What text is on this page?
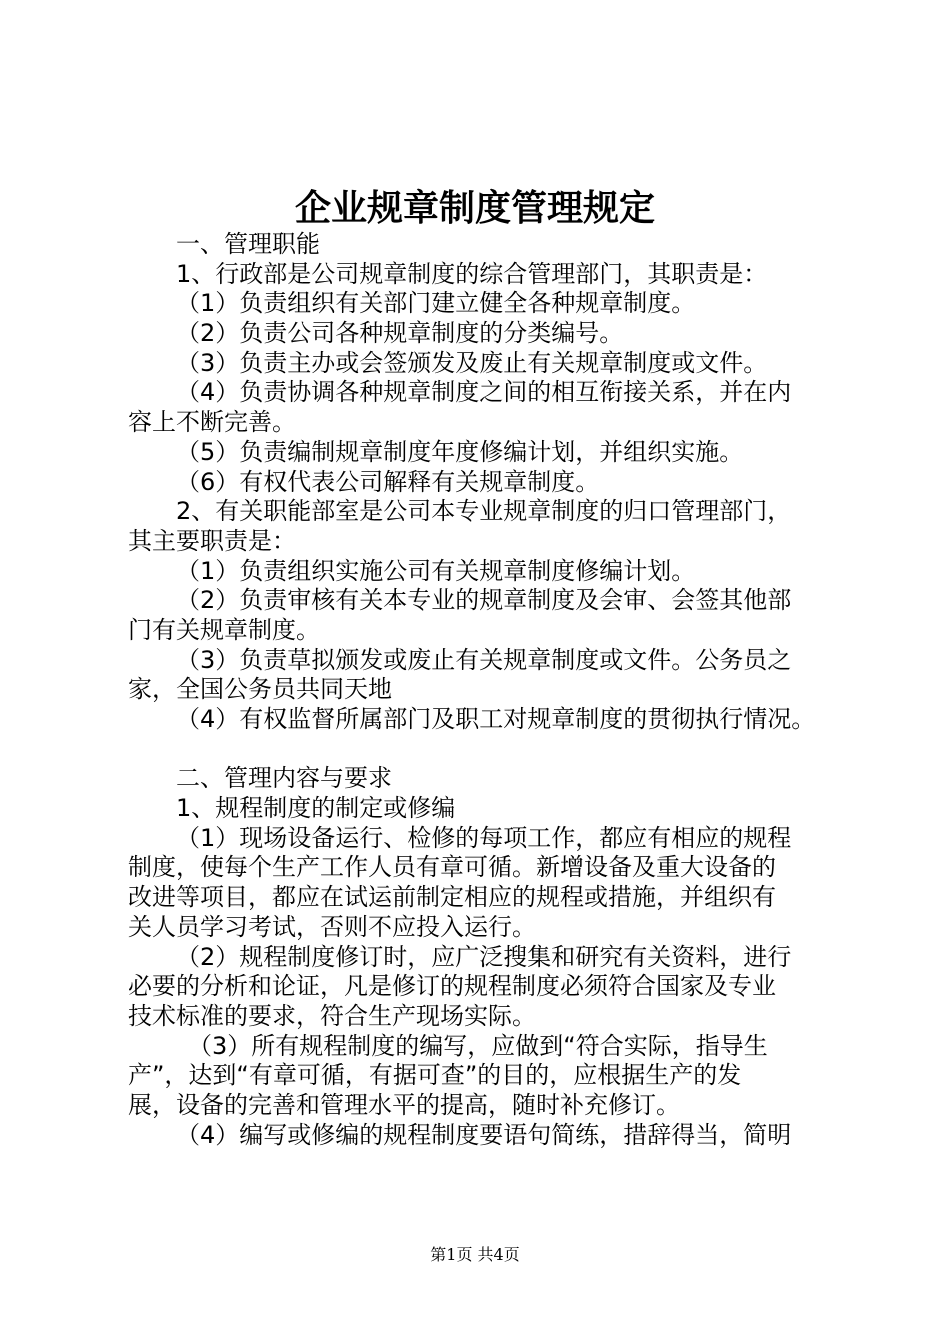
企业规章制度管理规定
一、管理职能
1、行政部是公司规章制度的综合管理部门，其职责是：
（1）负责组织有关部门建立健全各种规章制度。
（2）负责公司各种规章制度的分类编号。
（3）负责主办或会签颁发及废止有关规章制度或文件。
（4）负责协调各种规章制度之间的相互衔接关系，并在内
容上不断完善。
（5）负责编制规章制度年度修编计划，并组织实施。
（6）有权代表公司解释有关规章制度。
2、有关职能部室是公司本专业规章制度的归口管理部门，
其主要职责是：
（1）负责组织实施公司有关规章制度修编计划。
（2）负责审核有关本专业的规章制度及会审、会签其他部
门有关规章制度。
（3）负责草拟颁发或废止有关规章制度或文件。公务员之
家，全国公务员共同天地
（4）有权监督所属部门及职工对规章制度的贯彻执行情况。
二、管理内容与要求
1、规程制度的制定或修编
（1）现场设备运行、检修的每项工作，都应有相应的规程
制度，使每个生产工作人员有章可循。新增设备及重大设备的
改进等项目，都应在试运前制定相应的规程或措施，并组织有
关人员学习考试，否则不应投入运行。
（2）规程制度修订时，应广泛搜集和研究有关资料，进行
必要的分析和论证，凡是修订的规程制度必须符合国家及专业
技术标准的要求，符合生产现场实际。
（3）所有规程制度的编写，应做到“符合实际，指导生
产”，达到“有章可循，有据可查”的目的，应根据生产的发
展，设备的完善和管理水平的提高，随时补充修订。
（4）编写或修编的规程制度要语句简练，措辞得当，简明
第1页 共4页
